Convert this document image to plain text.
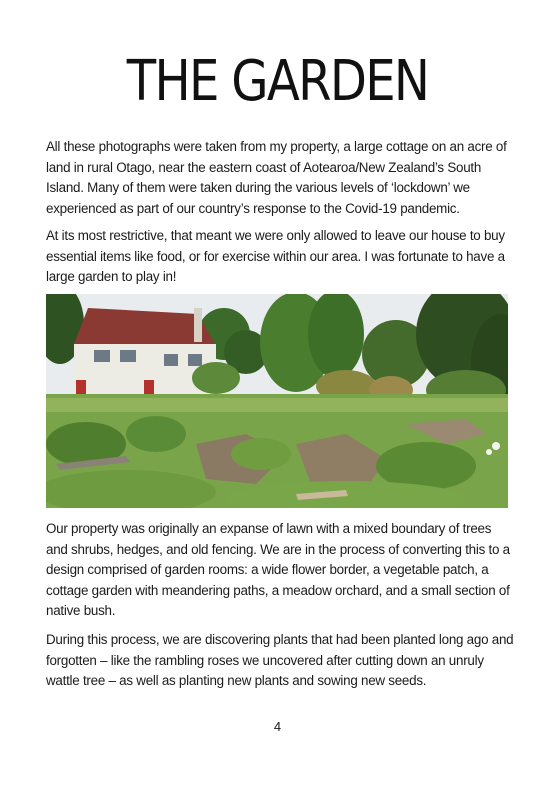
THE GARDEN

All these photographs were taken from my property, a large cottage on an acre of land in rural Otago, near the eastern coast of Aotearoa/New Zealand’s South Island. Many of them were taken during the various levels of ‘lockdown’ we experienced as part of our country’s response to the Covid-19 pandemic.

At its most restrictive, that meant we were only allowed to leave our house to buy essential items like food, or for exercise within our area. I was fortunate to have a large garden to play in!

Our property was originally an expanse of lawn with a mixed boundary of trees and shrubs, hedges, and old fencing. We are in the process of converting this to a design comprised of garden rooms: a wide flower border, a vegetable patch, a cottage garden with meandering paths, a meadow orchard, and a small section of native bush.

During this process, we are discovering plants that had been planted long ago and forgotten – like the rambling roses we uncovered after cutting down an unruly wattle tree – as well as planting new plants and sowing new seeds.

4
